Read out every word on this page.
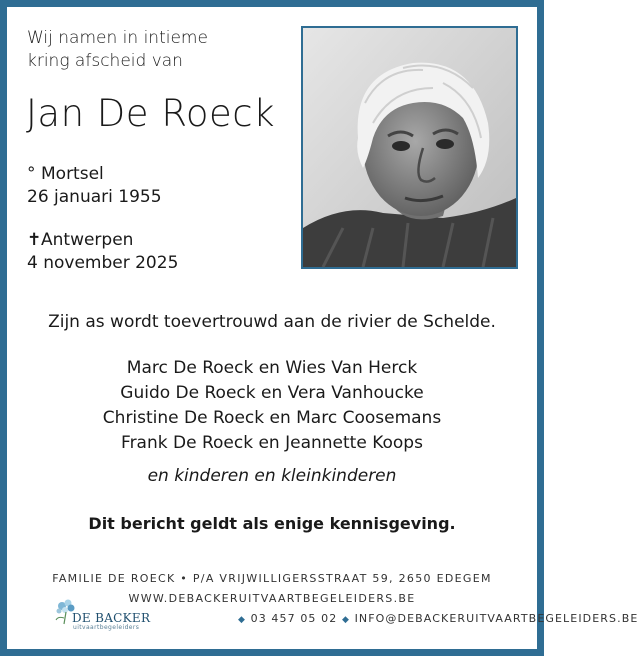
Wij namen in intieme
kring afscheid van
Jan De Roeck
° Mortsel
26 januari 1955
✝Antwerpen
4 november 2025
Zijn as wordt toevertrouwd aan de rivier de Schelde.
Marc De Roeck en Wies Van Herck
Guido De Roeck en Vera Vanhoucke
Christine De Roeck en Marc Coosemans
Frank De Roeck en Jeannette Koops
en kinderen en kleinkinderen
Dit bericht geldt als enige kennisgeving.
FAMILIE DE ROECK • P/A VRIJWILLIGERSSTRAAT 59, 2650 EDEGEM
WWW.DEBACKERUITVAARTBEGELEIDERS.BE
DE BACKER
uitvaartbegeleiders
◆ 03 457 05 02 ◆ INFO@DEBACKERUITVAARTBEGELEIDERS.BE
